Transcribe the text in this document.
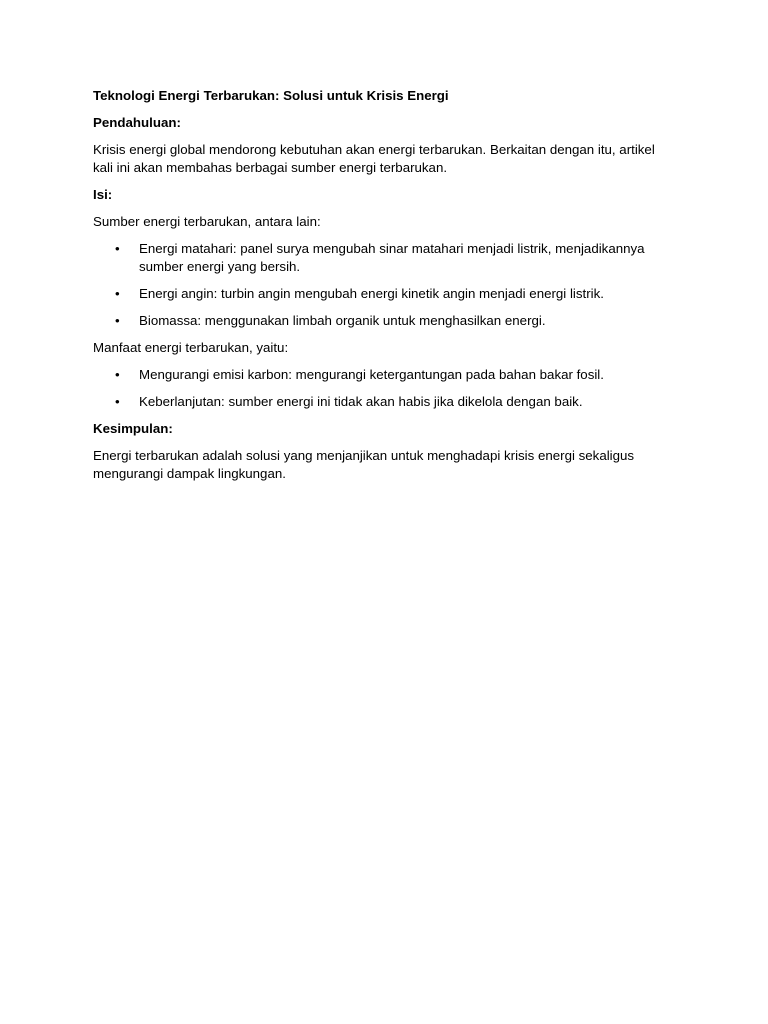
Teknologi Energi Terbarukan: Solusi untuk Krisis Energi

Pendahuluan:

Krisis energi global mendorong kebutuhan akan energi terbarukan. Berkaitan dengan itu, artikel kali ini akan membahas berbagai sumber energi terbarukan.

Isi:

Sumber energi terbarukan, antara lain:

• Energi matahari: panel surya mengubah sinar matahari menjadi listrik, menjadikannya sumber energi yang bersih.
• Energi angin: turbin angin mengubah energi kinetik angin menjadi energi listrik.
• Biomassa: menggunakan limbah organik untuk menghasilkan energi.

Manfaat energi terbarukan, yaitu:

• Mengurangi emisi karbon: mengurangi ketergantungan pada bahan bakar fosil.
• Keberlanjutan: sumber energi ini tidak akan habis jika dikelola dengan baik.

Kesimpulan:

Energi terbarukan adalah solusi yang menjanjikan untuk menghadapi krisis energi sekaligus mengurangi dampak lingkungan.
